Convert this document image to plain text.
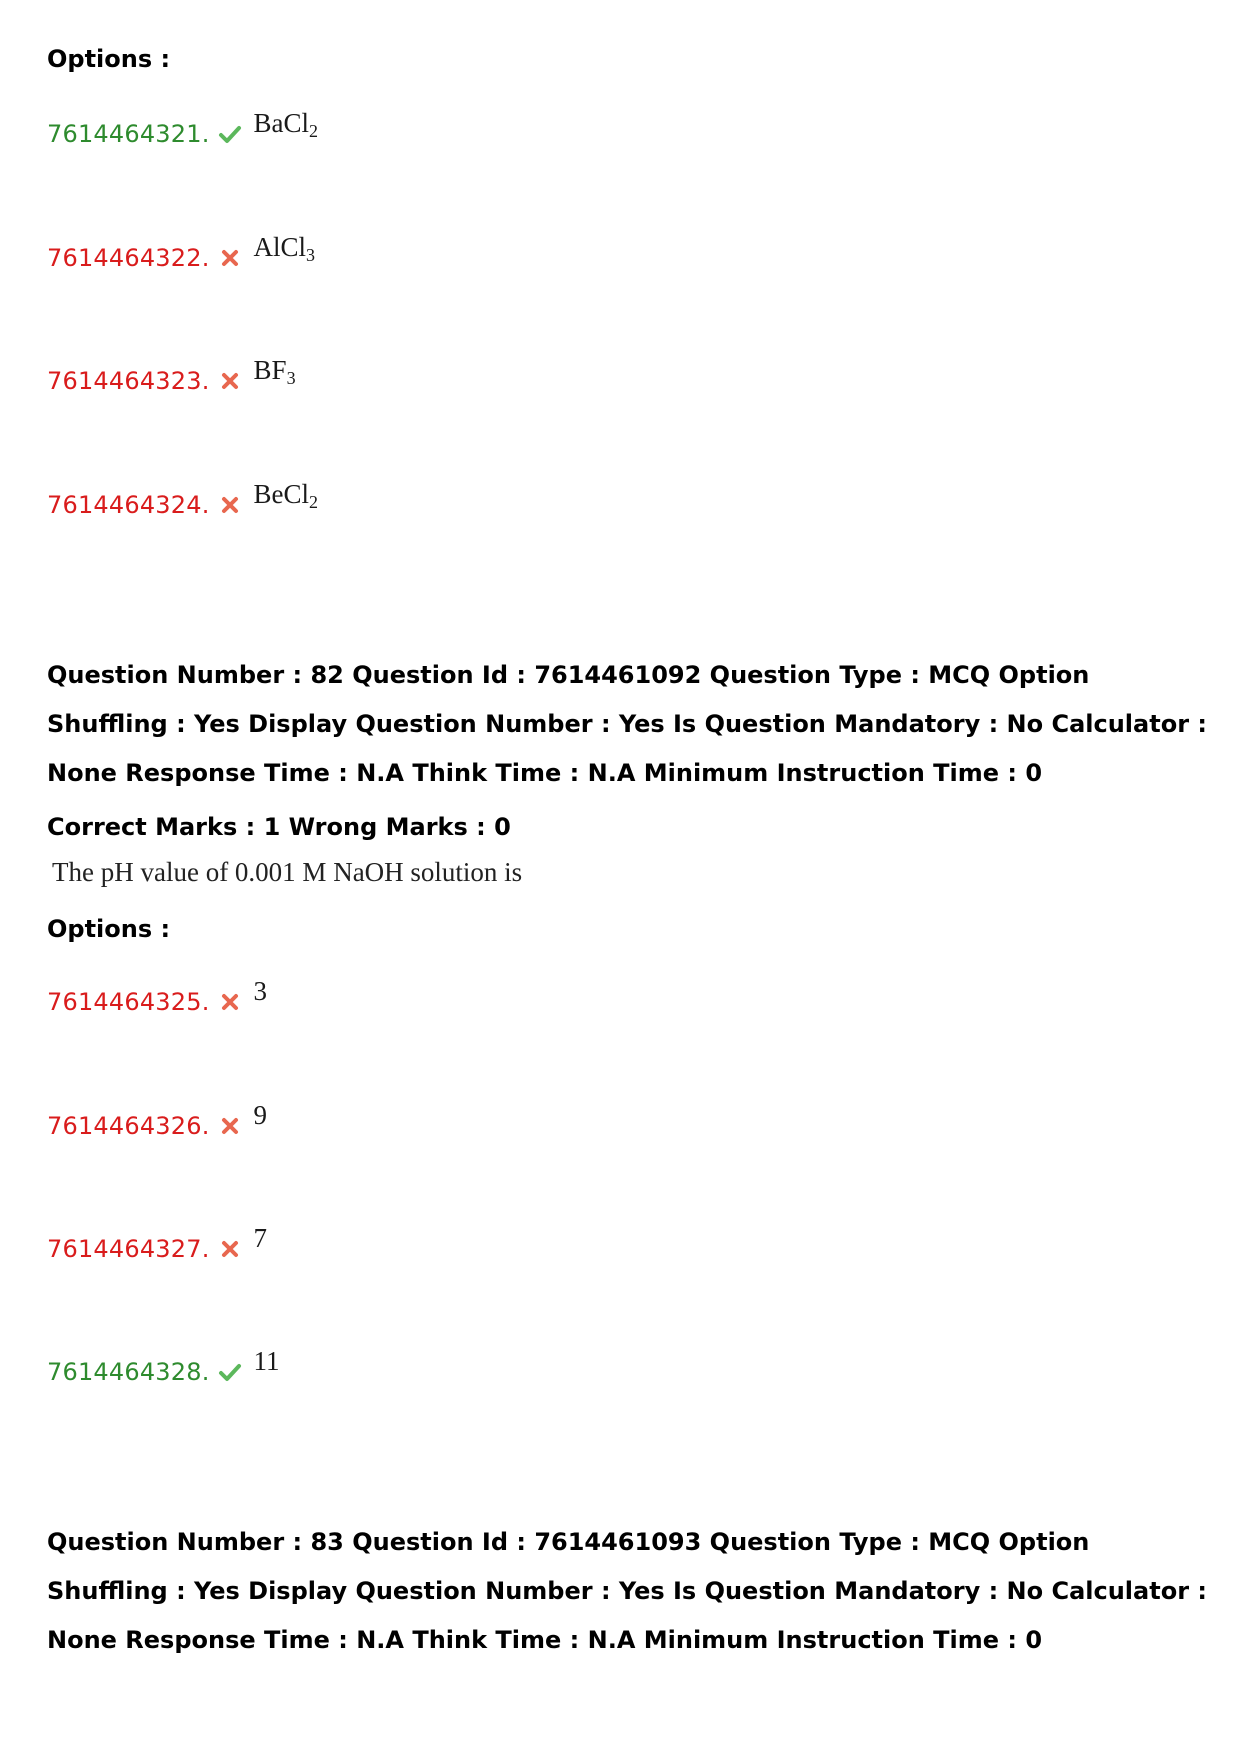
Options :
7614464321. BaCl$_2$
7614464322. AlCl$_3$
7614464323. $BF_3$
7614464324. BeCl$_2$
Question Number : 82 Question Id : 7614461092 Question Type : MCQ Option Shuffling : Yes Display Question Number : Yes Is Question Mandatory : No Calculator : None Response Time : N.A Think Time : N.A Minimum Instruction Time : 0
Correct Marks : 1 Wrong Marks : 0
The pH value of 0.001 M NaOH solution is
Options :
7614464325. 3
7614464326. 9
7614464327. 7
7614464328. 11
Question Number : 83 Question Id : 7614461093 Question Type : MCQ Option Shuffling : Yes Display Question Number : Yes Is Question Mandatory : No Calculator : None Response Time : N.A Think Time : N.A Minimum Instruction Time : 0
